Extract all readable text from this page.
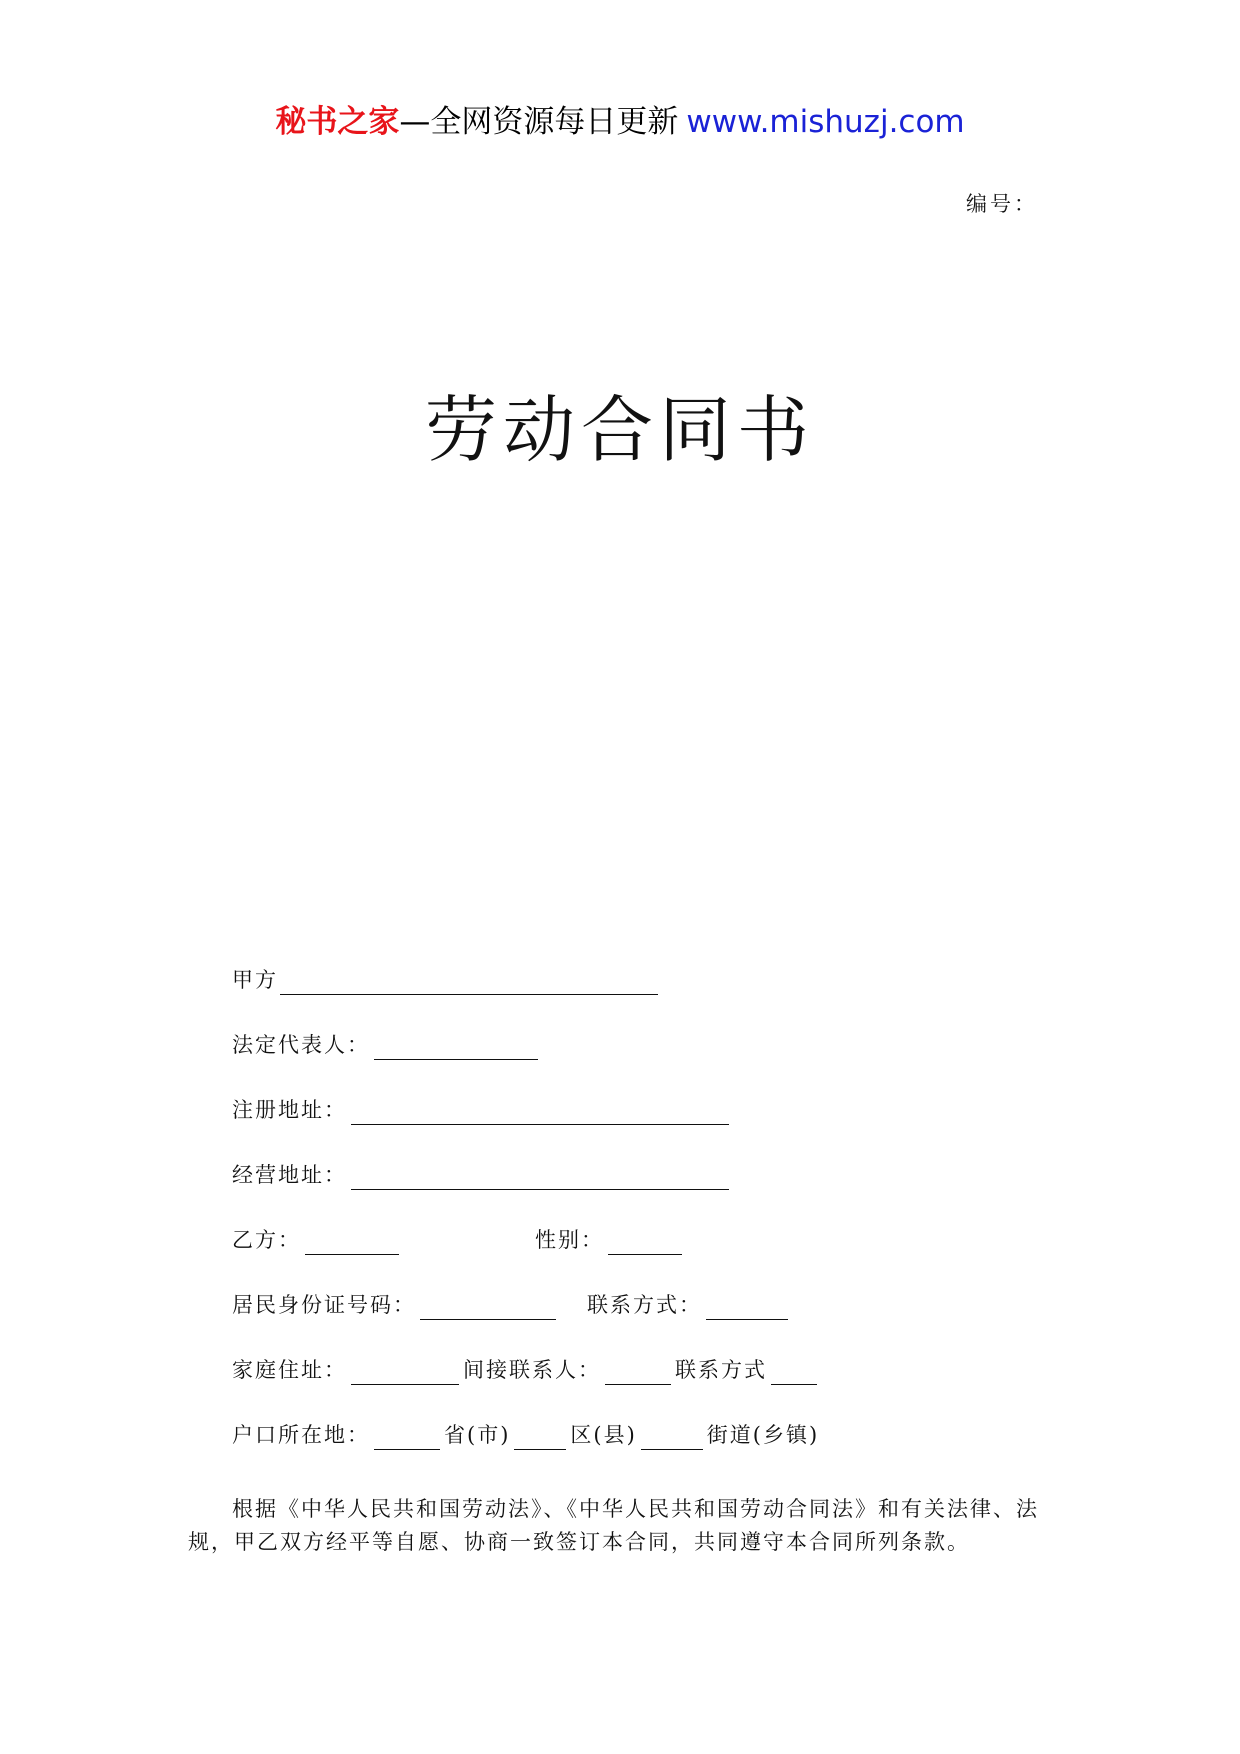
秘书之家—全网资源每日更新 www.mishuzj.com
编号：
劳动合同书
甲方
法定代表人：
注册地址：
经营地址：
乙方：	性别：
居民身份证号码：	联系方式：
家庭住址：	间接联系人：	联系方式
户口所在地：	省(市)	区(县)	街道(乡镇)
根据《中华人民共和国劳动法》、《中华人民共和国劳动合同法》和有关法律、法规，甲乙双方经平等自愿、协商一致签订本合同，共同遵守本合同所列条款。
